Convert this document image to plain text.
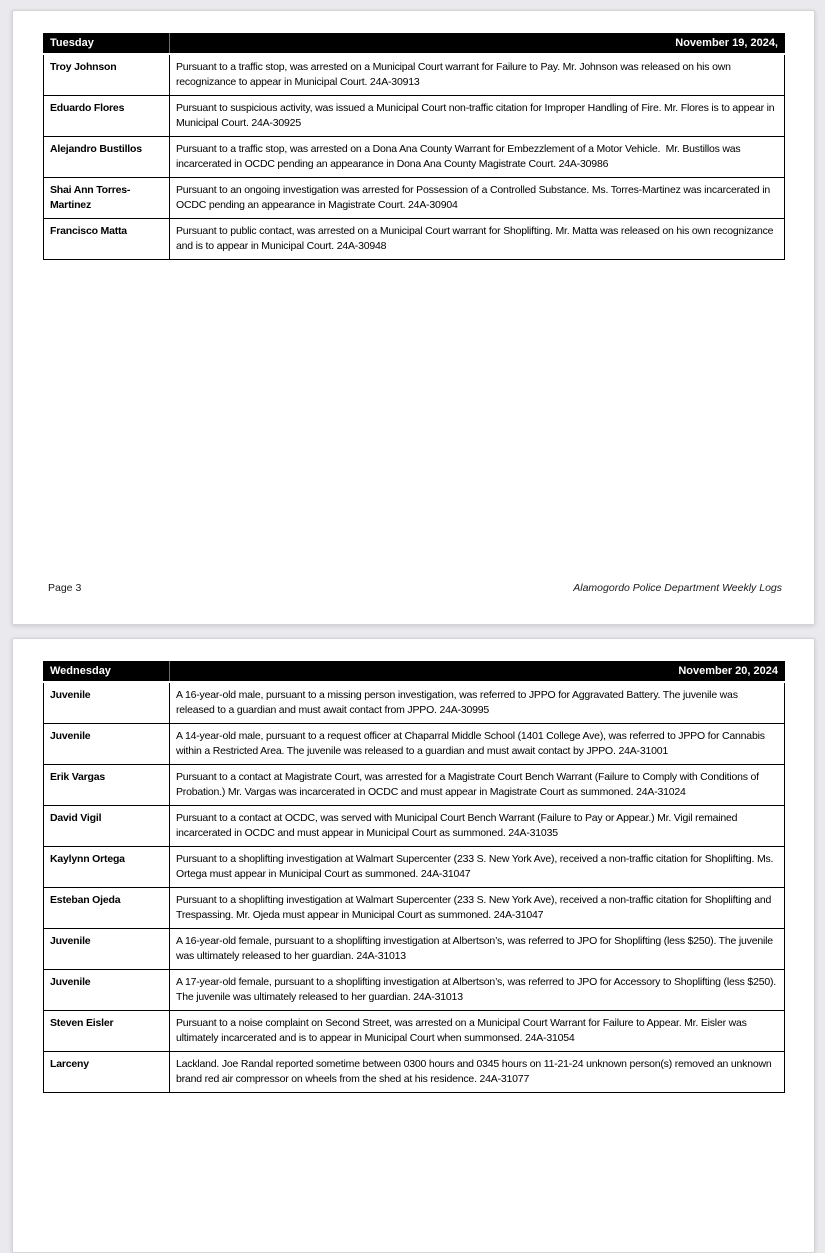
Tuesday	November 19, 2024,
Troy Johnson	Pursuant to a traffic stop, was arrested on a Municipal Court warrant for Failure to Pay. Mr. Johnson was released on his own recognizance to appear in Municipal Court. 24A-30913
Eduardo Flores	Pursuant to suspicious activity, was issued a Municipal Court non-traffic citation for Improper Handling of Fire. Mr. Flores is to appear in Municipal Court. 24A-30925
Alejandro Bustillos	Pursuant to a traffic stop, was arrested on a Dona Ana County Warrant for Embezzlement of a Motor Vehicle.  Mr. Bustillos was incarcerated in OCDC pending an appearance in Dona Ana County Magistrate Court. 24A-30986
Shai Ann Torres-Martinez	Pursuant to an ongoing investigation was arrested for Possession of a Controlled Substance. Ms. Torres-Martinez was incarcerated in OCDC pending an appearance in Magistrate Court. 24A-30904
Francisco Matta	Pursuant to public contact, was arrested on a Municipal Court warrant for Shoplifting. Mr. Matta was released on his own recognizance and is to appear in Municipal Court. 24A-30948
Page 3	Alamogordo Police Department Weekly Logs
Wednesday	November 20, 2024
Juvenile	A 16-year-old male, pursuant to a missing person investigation, was referred to JPPO for Aggravated Battery. The juvenile was released to a guardian and must await contact from JPPO. 24A-30995
Juvenile	A 14-year-old male, pursuant to a request officer at Chaparral Middle School (1401 College Ave), was referred to JPPO for Cannabis within a Restricted Area. The juvenile was released to a guardian and must await contact by JPPO. 24A-31001
Erik Vargas	Pursuant to a contact at Magistrate Court, was arrested for a Magistrate Court Bench Warrant (Failure to Comply with Conditions of Probation.) Mr. Vargas was incarcerated in OCDC and must appear in Magistrate Court as summoned. 24A-31024
David Vigil	Pursuant to a contact at OCDC, was served with Municipal Court Bench Warrant (Failure to Pay or Appear.) Mr. Vigil remained incarcerated in OCDC and must appear in Municipal Court as summoned. 24A-31035
Kaylynn Ortega	Pursuant to a shoplifting investigation at Walmart Supercenter (233 S. New York Ave), received a non-traffic citation for Shoplifting. Ms. Ortega must appear in Municipal Court as summoned. 24A-31047
Esteban Ojeda	Pursuant to a shoplifting investigation at Walmart Supercenter (233 S. New York Ave), received a non-traffic citation for Shoplifting and Trespassing. Mr. Ojeda must appear in Municipal Court as summoned. 24A-31047
Juvenile	A 16-year-old female, pursuant to a shoplifting investigation at Albertson’s, was referred to JPO for Shoplifting (less $250). The juvenile was ultimately released to her guardian. 24A-31013
Juvenile	A 17-year-old female, pursuant to a shoplifting investigation at Albertson’s, was referred to JPO for Accessory to Shoplifting (less $250). The juvenile was ultimately released to her guardian. 24A-31013
Steven Eisler	Pursuant to a noise complaint on Second Street, was arrested on a Municipal Court Warrant for Failure to Appear. Mr. Eisler was ultimately incarcerated and is to appear in Municipal Court when summonsed. 24A-31054
Larceny	Lackland. Joe Randal reported sometime between 0300 hours and 0345 hours on 11-21-24 unknown person(s) removed an unknown brand red air compressor on wheels from the shed at his residence. 24A-31077
